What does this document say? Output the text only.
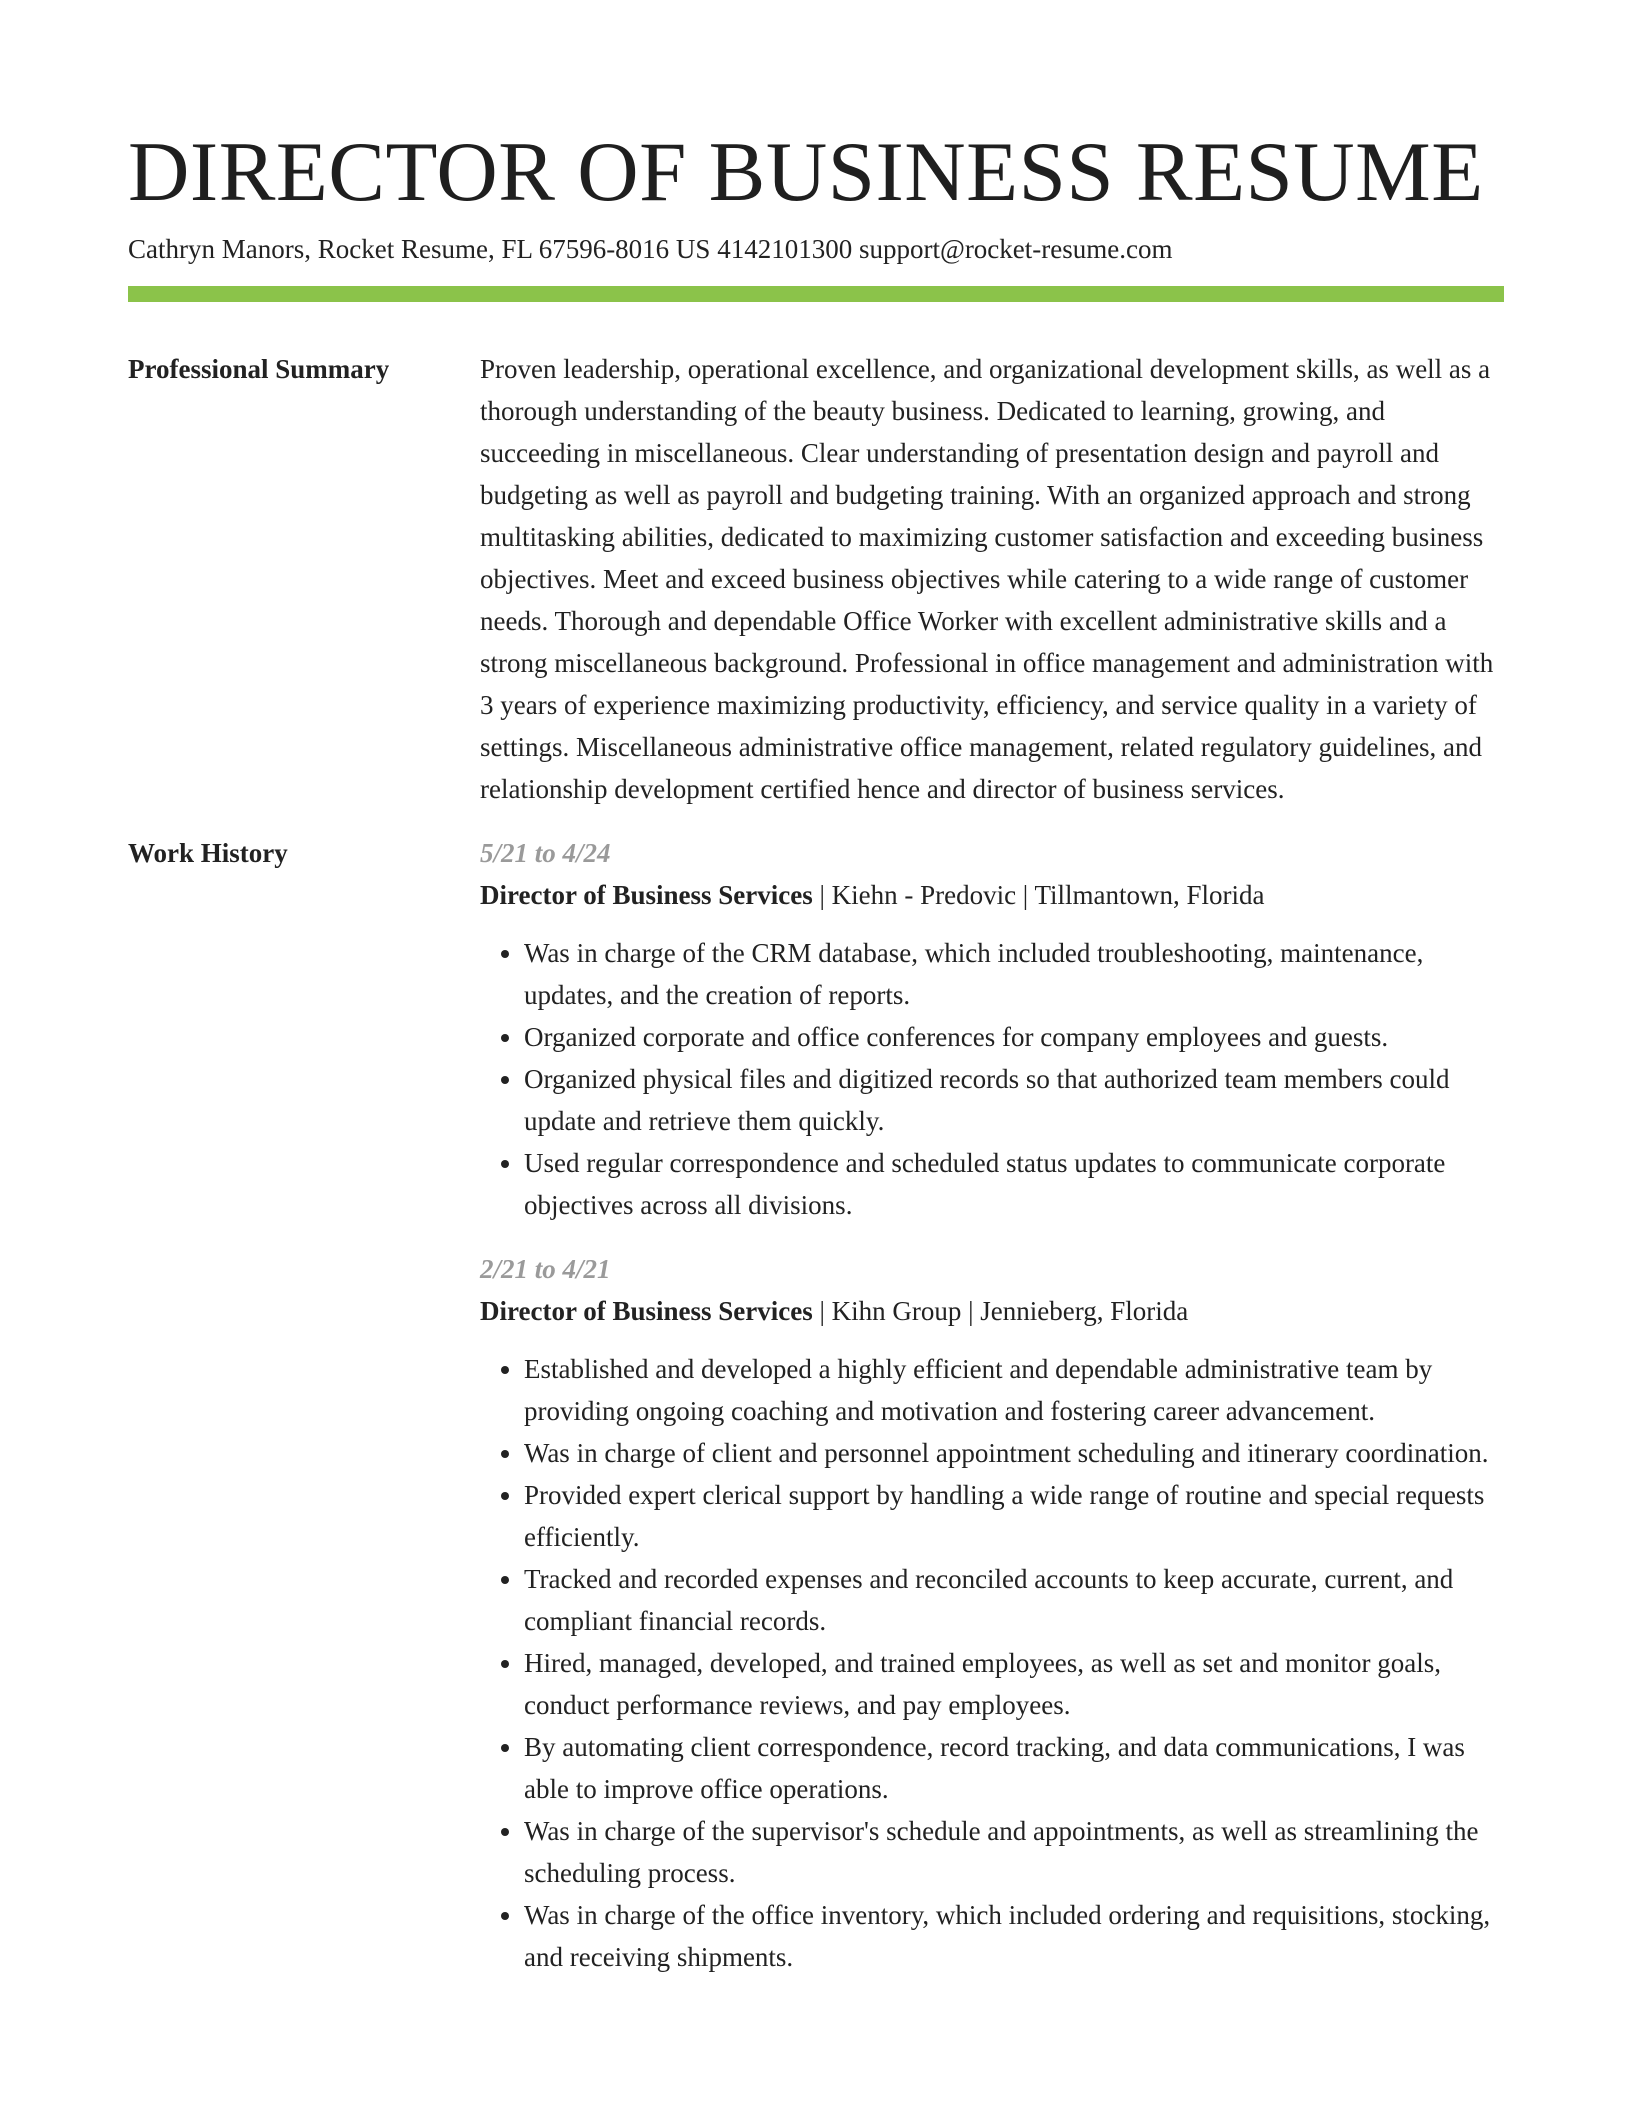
DIRECTOR OF BUSINESS RESUME
Cathryn Manors, Rocket Resume, FL 67596-8016 US 4142101300 support@rocket-resume.com
Professional Summary	Proven leadership, operational excellence, and organizational development skills, as well as a thorough understanding of the beauty business. Dedicated to learning, growing, and succeeding in miscellaneous. Clear understanding of presentation design and payroll and budgeting as well as payroll and budgeting training. With an organized approach and strong multitasking abilities, dedicated to maximizing customer satisfaction and exceeding business objectives. Meet and exceed business objectives while catering to a wide range of customer needs. Thorough and dependable Office Worker with excellent administrative skills and a strong miscellaneous background. Professional in office management and administration with 3 years of experience maximizing productivity, efficiency, and service quality in a variety of settings. Miscellaneous administrative office management, related regulatory guidelines, and relationship development certified hence and director of business services.
Work History	5/21 to 4/24
Director of Business Services | Kiehn - Predovic | Tillmantown, Florida
• Was in charge of the CRM database, which included troubleshooting, maintenance, updates, and the creation of reports.
• Organized corporate and office conferences for company employees and guests.
• Organized physical files and digitized records so that authorized team members could update and retrieve them quickly.
• Used regular correspondence and scheduled status updates to communicate corporate objectives across all divisions.
2/21 to 4/21
Director of Business Services | Kihn Group | Jennieberg, Florida
• Established and developed a highly efficient and dependable administrative team by providing ongoing coaching and motivation and fostering career advancement.
• Was in charge of client and personnel appointment scheduling and itinerary coordination.
• Provided expert clerical support by handling a wide range of routine and special requests efficiently.
• Tracked and recorded expenses and reconciled accounts to keep accurate, current, and compliant financial records.
• Hired, managed, developed, and trained employees, as well as set and monitor goals, conduct performance reviews, and pay employees.
• By automating client correspondence, record tracking, and data communications, I was able to improve office operations.
• Was in charge of the supervisor's schedule and appointments, as well as streamlining the scheduling process.
• Was in charge of the office inventory, which included ordering and requisitions, stocking, and receiving shipments.
